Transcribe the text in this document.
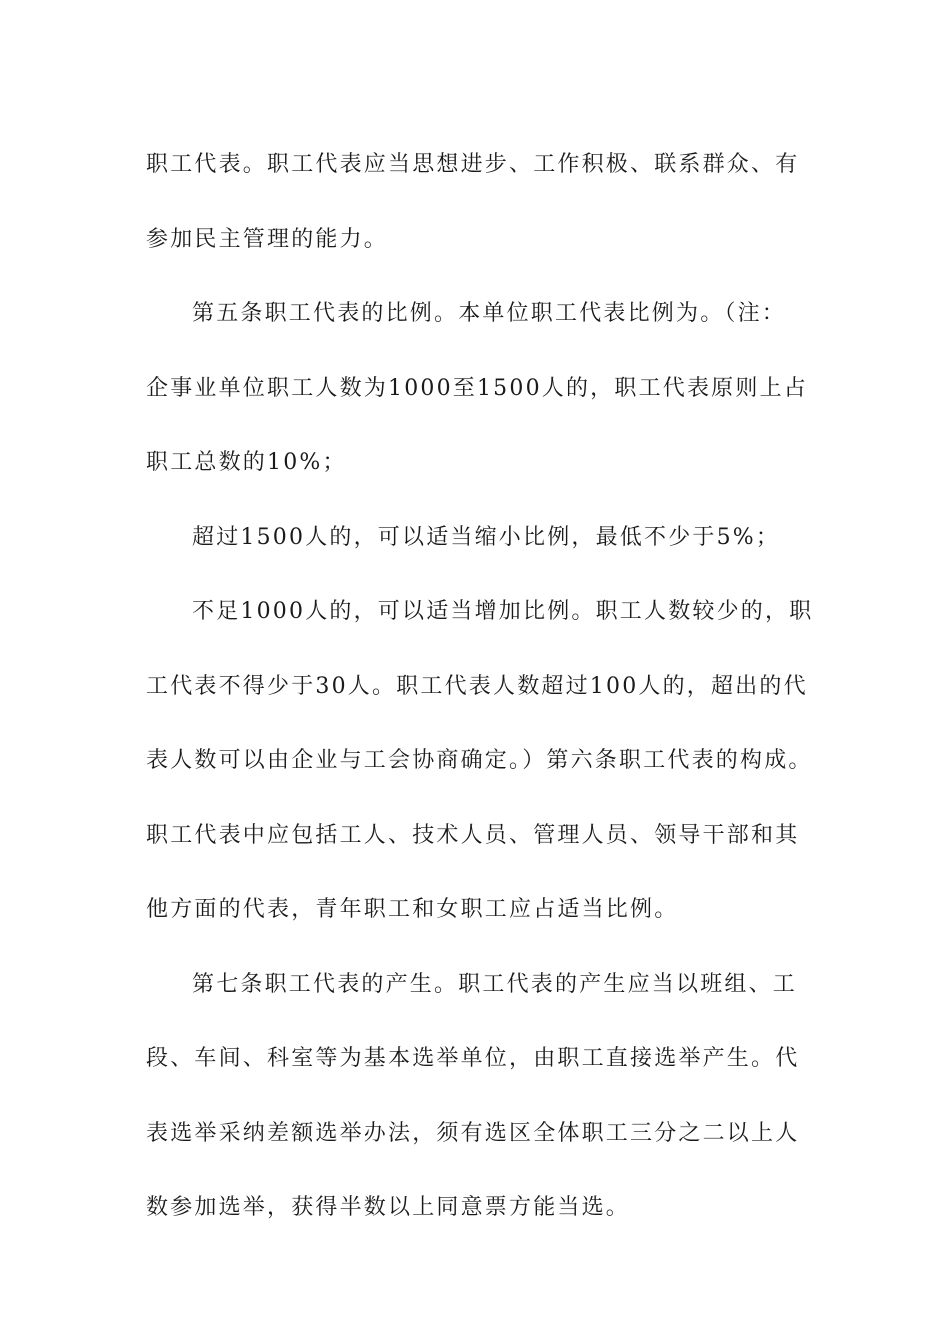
职工代表。职工代表应当思想进步、工作积极、联系群众、有
参加民主管理的能力。
第五条职工代表的比例。本单位职工代表比例为。（注：
企事业单位职工人数为1000至1500人的，职工代表原则上占
职工总数的10%；
超过1500人的，可以适当缩小比例，最低不少于5%；
不足1000人的，可以适当增加比例。职工人数较少的，职
工代表不得少于30人。职工代表人数超过100人的，超出的代
表人数可以由企业与工会协商确定。）第六条职工代表的构成。
职工代表中应包括工人、技术人员、管理人员、领导干部和其
他方面的代表，青年职工和女职工应占适当比例。
第七条职工代表的产生。职工代表的产生应当以班组、工
段、车间、科室等为基本选举单位，由职工直接选举产生。代
表选举采纳差额选举办法，须有选区全体职工三分之二以上人
数参加选举，获得半数以上同意票方能当选。
